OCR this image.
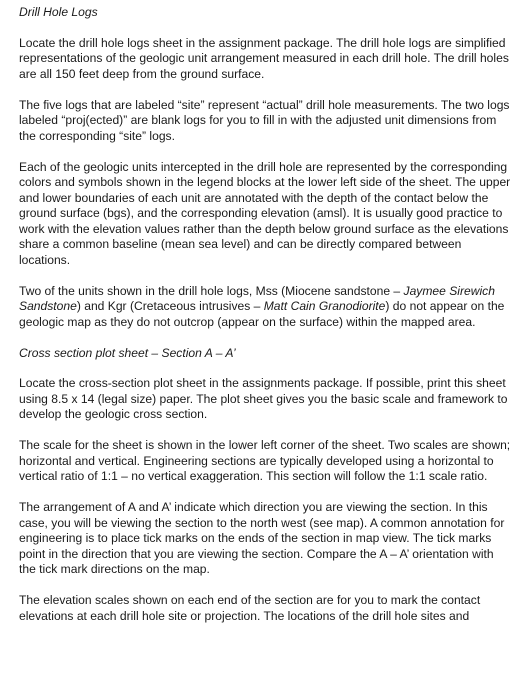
Drill Hole Logs
Locate the drill hole logs sheet in the assignment package. The drill hole logs are simplified representations of the geologic unit arrangement measured in each drill hole. The drill holes are all 150 feet deep from the ground surface.
The five logs that are labeled “site” represent “actual” drill hole measurements. The two logs labeled “proj(ected)” are blank logs for you to fill in with the adjusted unit dimensions from the corresponding “site” logs.
Each of the geologic units intercepted in the drill hole are represented by the corresponding colors and symbols shown in the legend blocks at the lower left side of the sheet. The upper and lower boundaries of each unit are annotated with the depth of the contact below the ground surface (bgs), and the corresponding elevation (amsl). It is usually good practice to work with the elevation values rather than the depth below ground surface as the elevations share a common baseline (mean sea level) and can be directly compared between locations.
Two of the units shown in the drill hole logs, Mss (Miocene sandstone – Jaymee Sirewich Sandstone) and Kgr (Cretaceous intrusives – Matt Cain Granodiorite) do not appear on the geologic map as they do not outcrop (appear on the surface) within the mapped area.
Cross section plot sheet – Section A – A’
Locate the cross-section plot sheet in the assignments package. If possible, print this sheet using 8.5 x 14 (legal size) paper. The plot sheet gives you the basic scale and framework to develop the geologic cross section.
The scale for the sheet is shown in the lower left corner of the sheet. Two scales are shown; horizontal and vertical. Engineering sections are typically developed using a horizontal to vertical ratio of 1:1 – no vertical exaggeration. This section will follow the 1:1 scale ratio.
The arrangement of A and A’ indicate which direction you are viewing the section. In this case, you will be viewing the section to the north west (see map). A common annotation for engineering is to place tick marks on the ends of the section in map view. The tick marks point in the direction that you are viewing the section. Compare the A – A’ orientation with the tick mark directions on the map.
The elevation scales shown on each end of the section are for you to mark the contact elevations at each drill hole site or projection. The locations of the drill hole sites and
